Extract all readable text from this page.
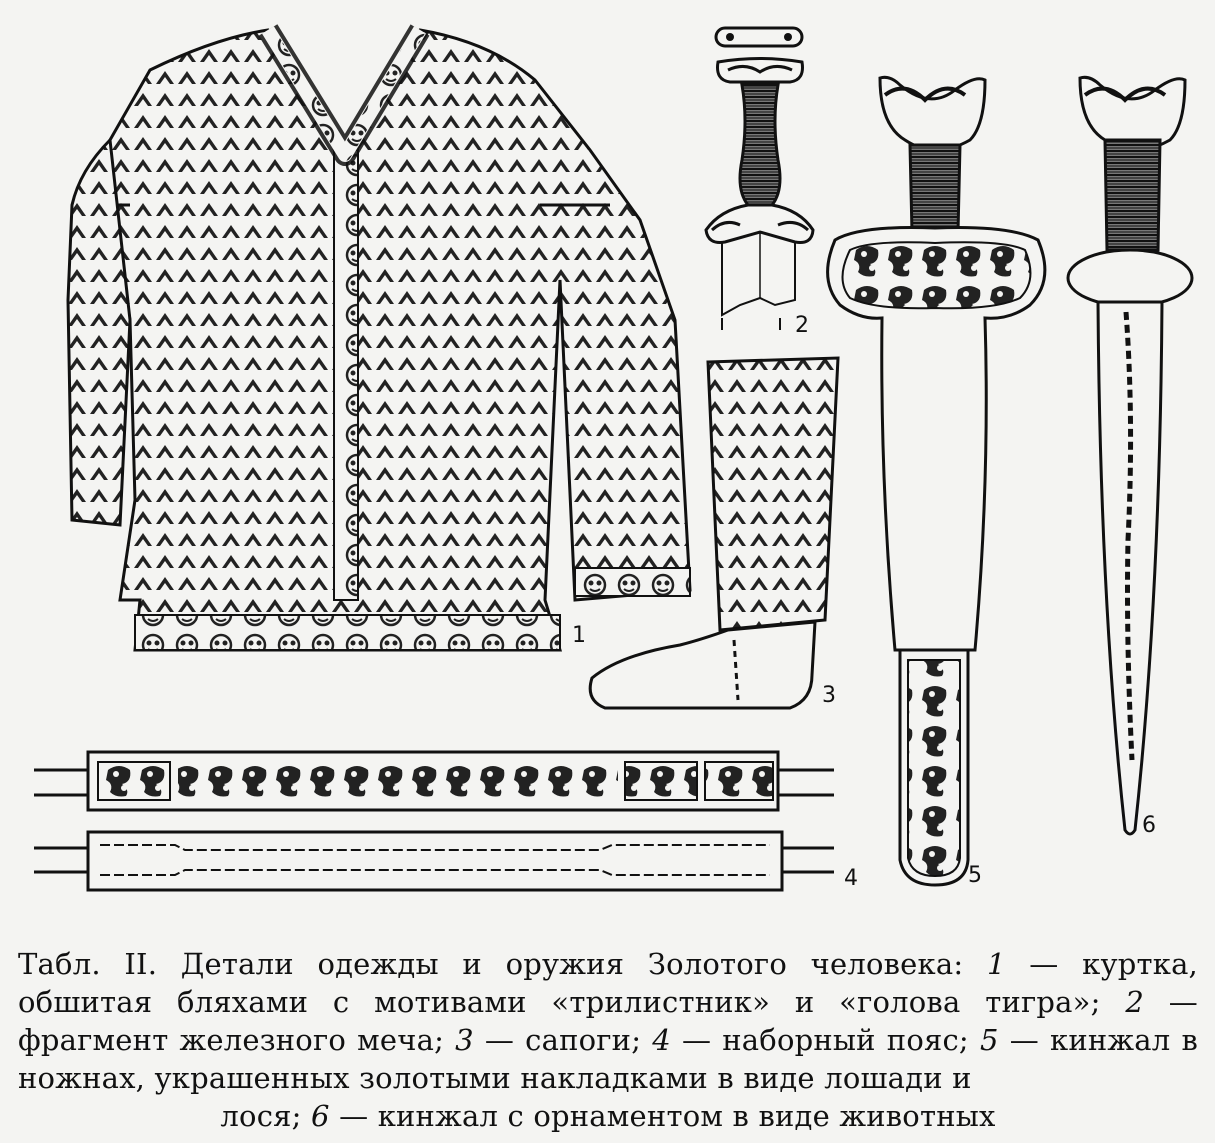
1
2
3
4	5
6
Табл. II. Детали одежды и оружия Золотого человека: 1 — куртка, обшитая бляхами с мотивами «трилистник» и «голова тигра»; 2 — фрагмент железного меча; 3 — сапоги; 4 — наборный пояс; 5 — кинжал в ножнах, украшенных золотыми накладками в виде лошади и
лося; 6 — кинжал с орнаментом в виде животных
